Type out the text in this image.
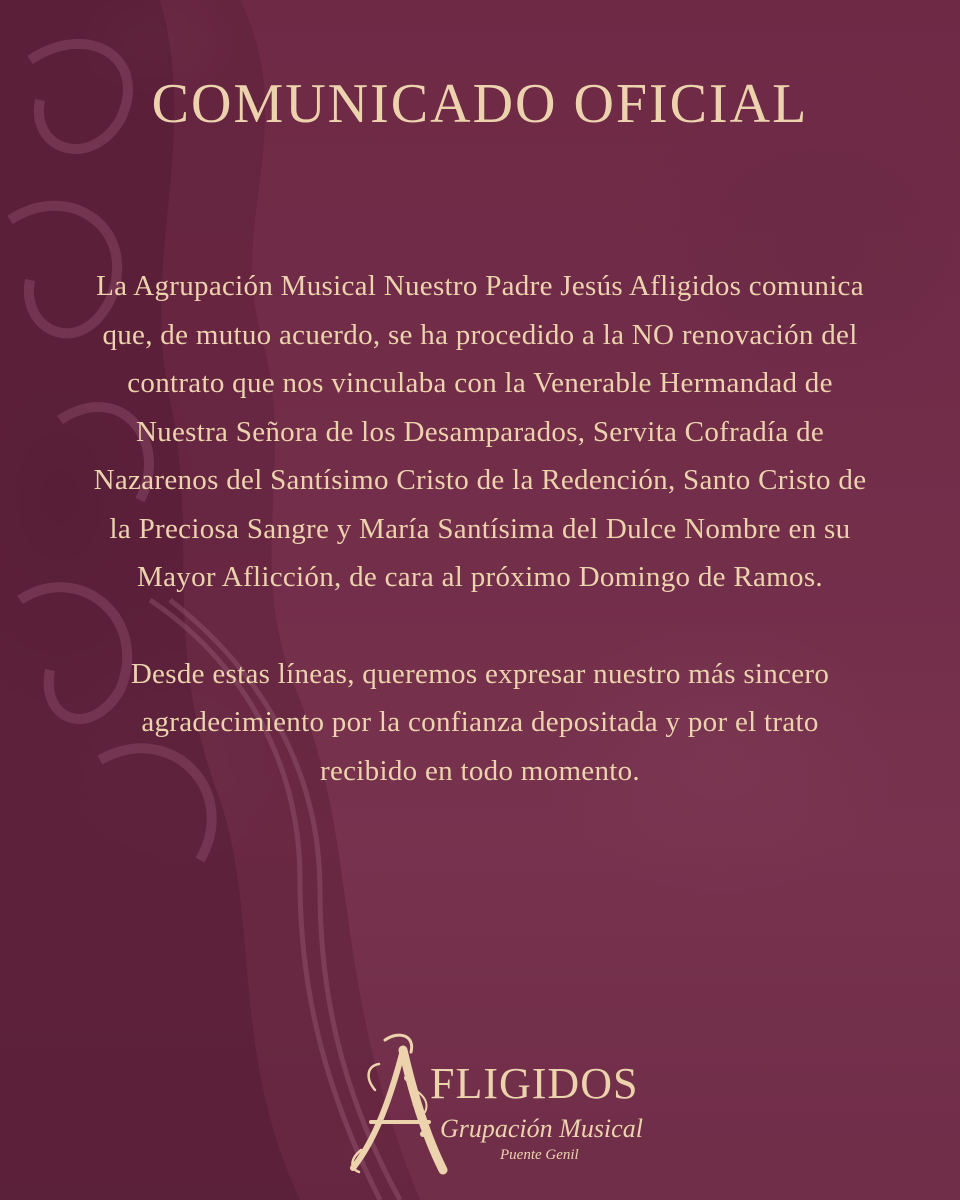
COMUNICADO OFICIAL

La Agrupación Musical Nuestro Padre Jesús Afligidos comunica que, de mutuo acuerdo, se ha procedido a la NO renovación del contrato que nos vinculaba con la Venerable Hermandad de Nuestra Señora de los Desamparados, Servita Cofradía de Nazarenos del Santísimo Cristo de la Redención, Santo Cristo de la Preciosa Sangre y María Santísima del Dulce Nombre en su Mayor Aflicción, de cara al próximo Domingo de Ramos.

Desde estas líneas, queremos expresar nuestro más sincero agradecimiento por la confianza depositada y por el trato recibido en todo momento.

FLIGIDOS
Grupación Musical
Puente Genil
